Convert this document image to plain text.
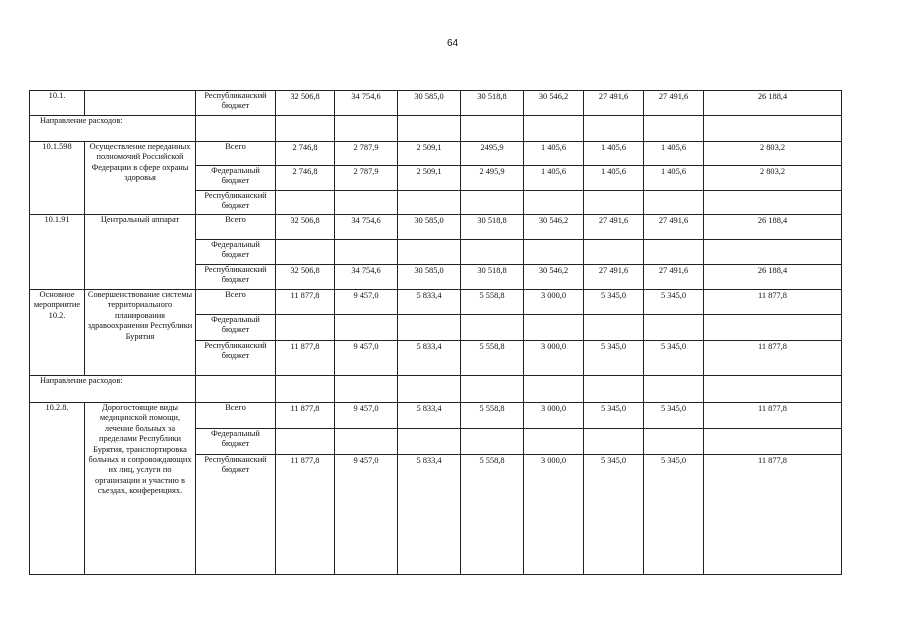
64
10.1.		Республиканский бюджет	32 506,8	34 754,6	30 585,0	30 518,8	30 546,2	27 491,6	27 491,6	26 188,4
Направление расходов:										
10.1.598	Осуществление переданных полномочий Российской Федерации в сфере охраны здоровья	Всего	2 746,8	2 787,9	2 509,1	2495,9	1 405,6	1 405,6	1 405,6	2 803,2
		Федеральный бюджет	2 746,8	2 787,9	2 509,1	2 495,9	1 405,6	1 405,6	1 405,6	2 803,2
		Республиканский бюджет								
10.1.91	Центральный аппарат	Всего	32 506,8	34 754,6	30 585,0	30 518,8	30 546,2	27 491,6	27 491,6	26 188,4
		Федеральный бюджет								
		Республиканский бюджет	32 506,8	34 754,6	30 585,0	30 518,8	30 546,2	27 491,6	27 491,6	26 188,4
Основное мероприятие 10.2.	Совершенствование системы территориального планирования здравоохранения Республики Бурятия	Всего	11 877,8	9 457,0	5 833,4	5 558,8	3 000,0	5 345,0	5 345,0	11 877,8
		Федеральный бюджет								
		Республиканский бюджет	11 877,8	9 457,0	5 833,4	5 558,8	3 000,0	5 345,0	5 345,0	11 877,8
Направление расходов:										
10.2.8.	Дорогостоящие виды медицинской помощи, лечение больных за пределами Республики Бурятия, транспортировка больных и сопровождающих их лиц, услуги по организации и участию в съездах, конференциях.	Всего	11 877,8	9 457,0	5 833,4	5 558,8	3 000,0	5 345,0	5 345,0	11 877,8
		Федеральный бюджет								
		Республиканский бюджет	11 877,8	9 457,0	5 833,4	5 558,8	3 000,0	5 345,0	5 345,0	11 877,8
